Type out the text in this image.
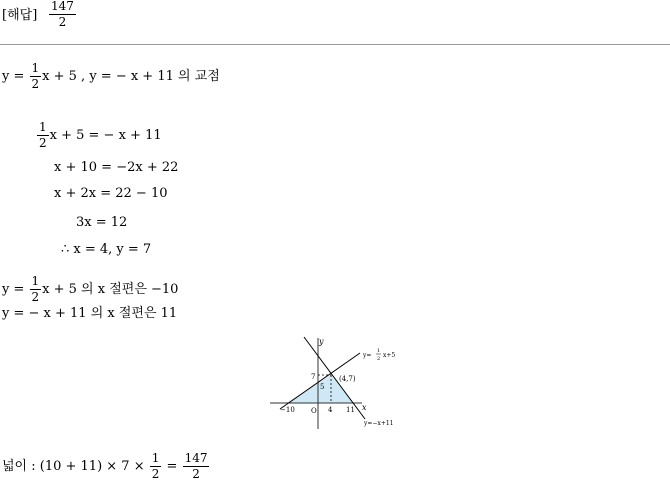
[해답] $\frac{147}{2}$
$y = \frac{1}{2}$ x + 5 , y = − x + 11 의 교점
$\frac{1}{2}$ x + 5 = − x + 11
x + 10 = −2x + 22
x + 2x = 22 − 10
3x = 12
∴ x = 4, y = 7
$y = \frac{1}{2}$ x + 5 의 x 절편은 −10
y = − x + 11 의 x 절편은 11
y
x
O
7
5
4 11
−10
(4,7)
y=
1
2 x+5
y=−x+11
넓이 : $(10 + 11) \times 7 \times \frac{1}{2} = \frac{147}{2}$
